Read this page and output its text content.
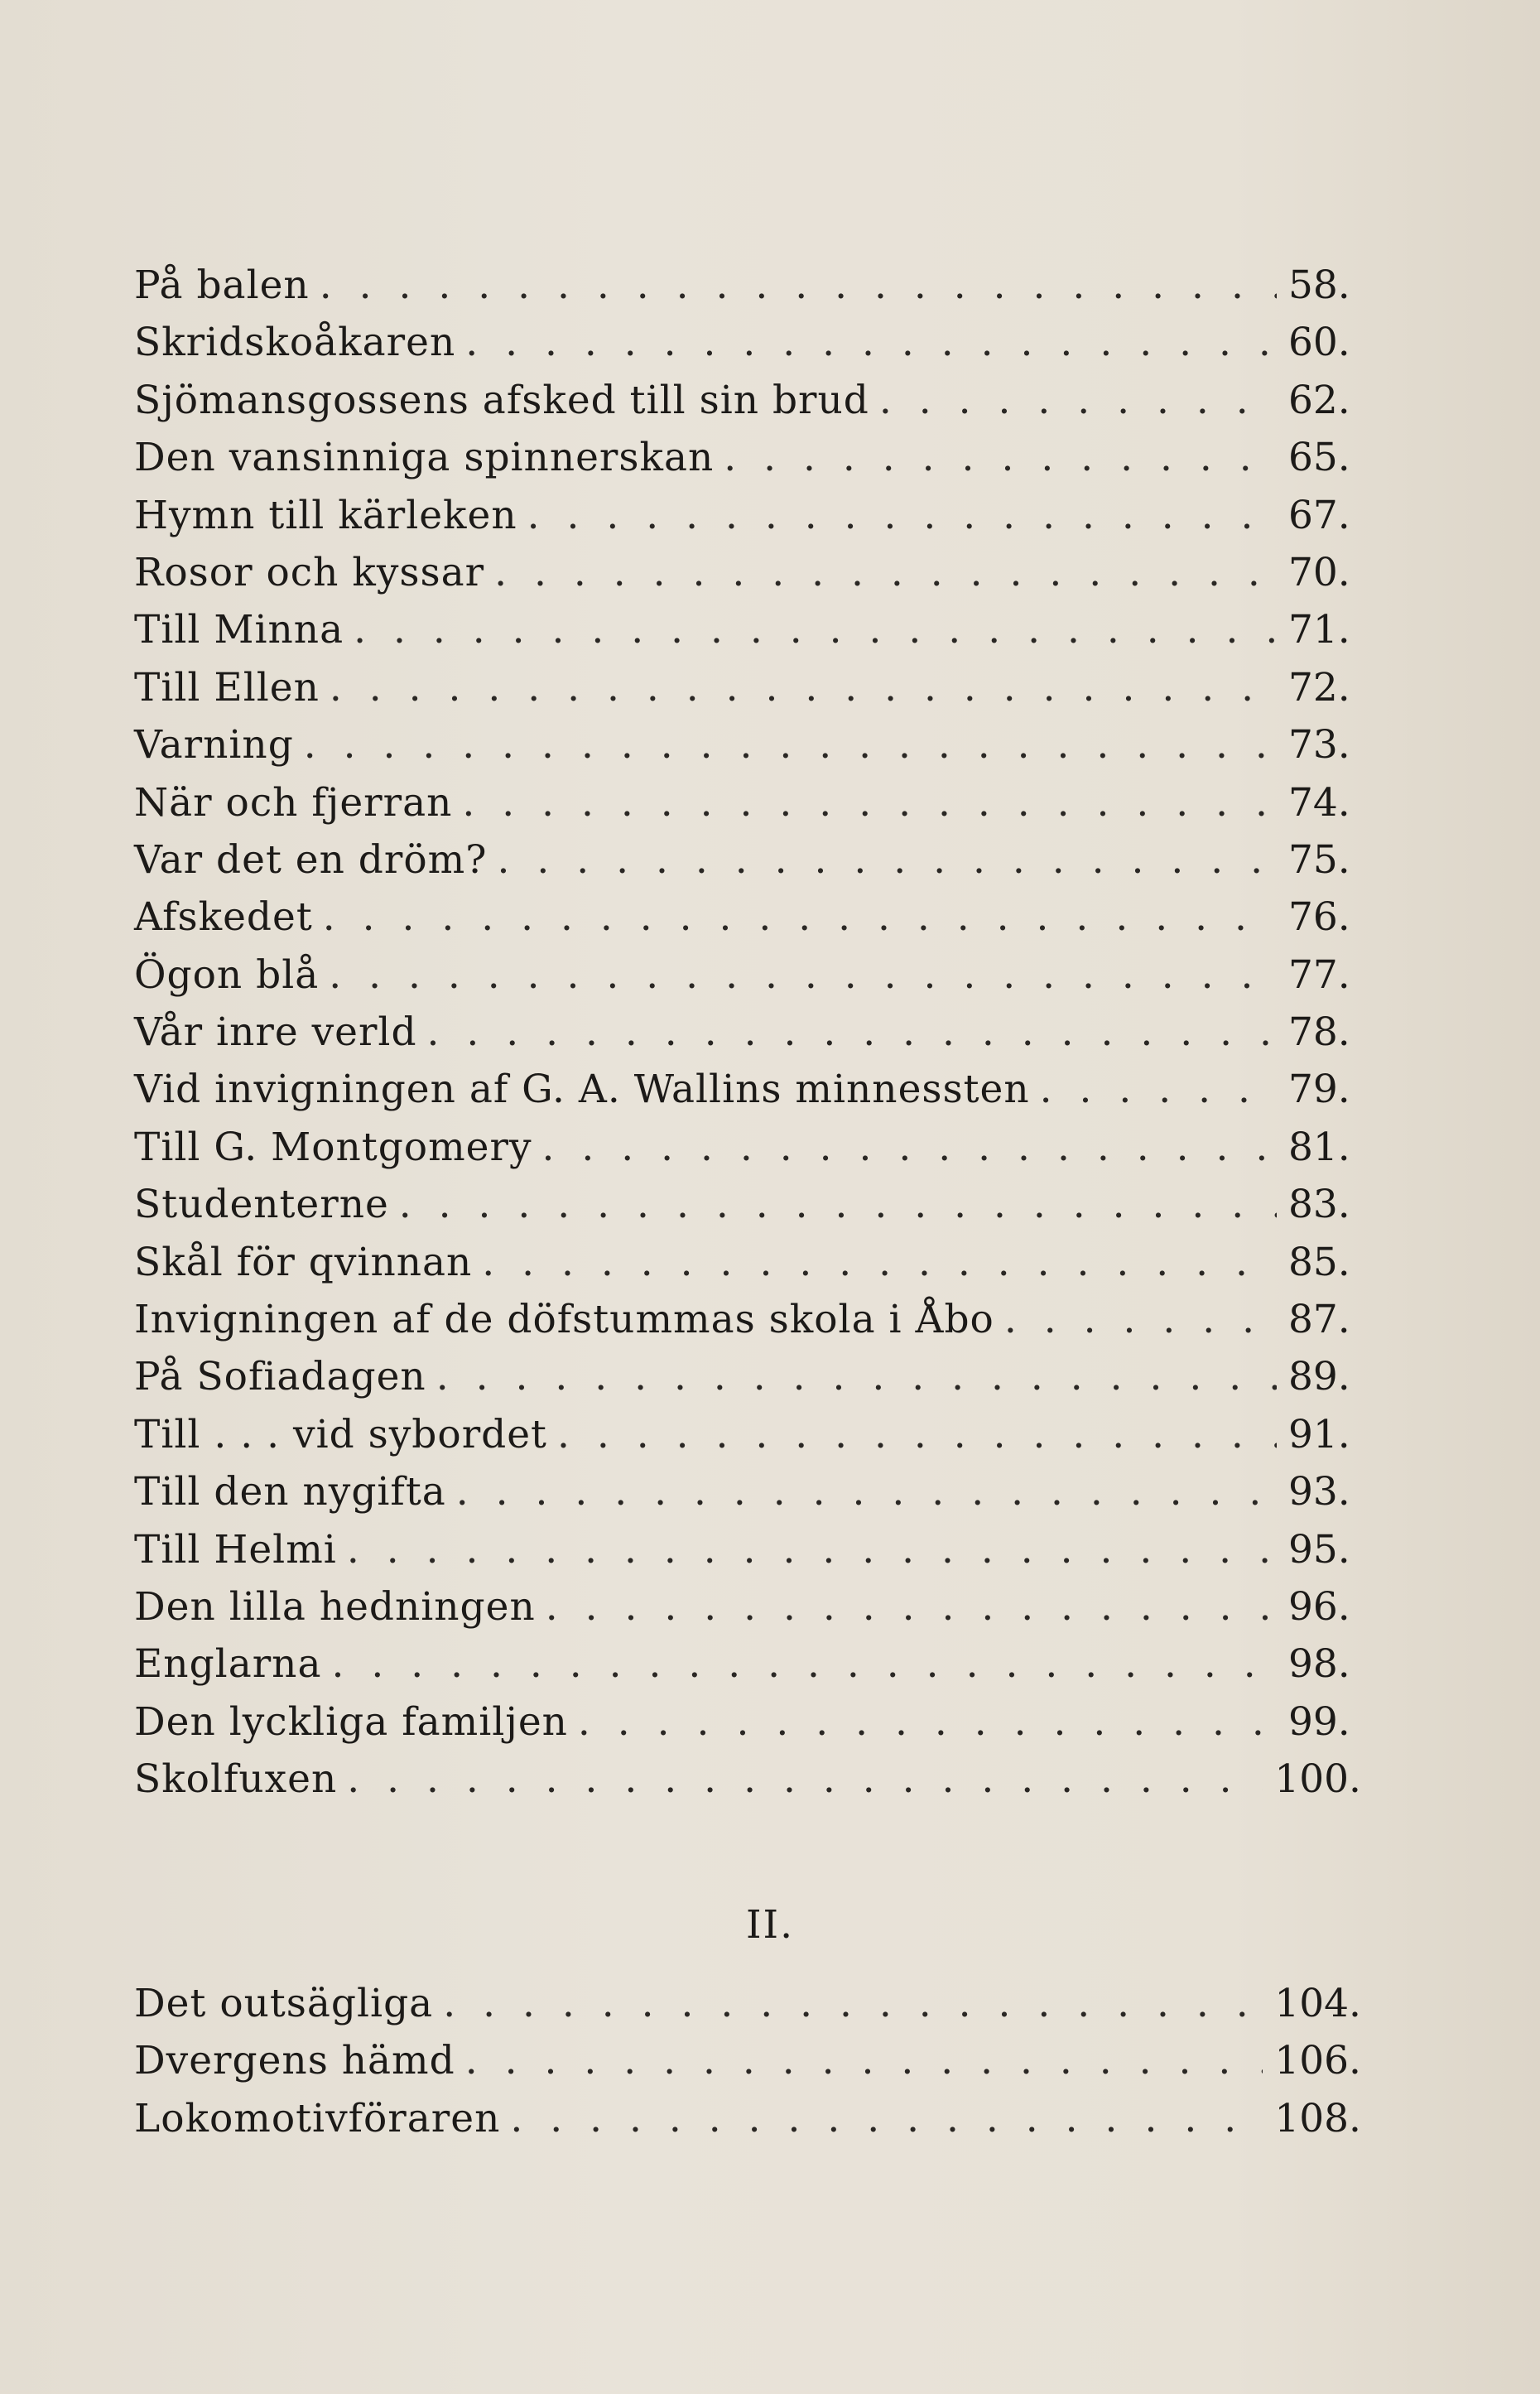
På balen . . .	58.
Skridskoåkaren . . .	60.
Sjömansgossens afsked till sin brud . . .	62.
Den vansinniga spinnerskan . . .	65.
Hymn till kärleken . . .	67.
Rosor och kyssar . . .	70.
Till Minna . . .	71.
Till Ellen . . .	72.
Varning . . .	73.
När och fjerran . . .	74.
Var det en dröm? . . .	75.
Afskedet . . .	76.
Ögon blå . . .	77.
Vår inre verld . . .	78.
Vid invigningen af G. A. Wallins minnessten . . .	79.
Till G. Montgomery . . .	81.
Studenterne . . .	83.
Skål för qvinnan . . .	85.
Invigningen af de döfstummas skola i Åbo . . .	87.
På Sofiadagen . . .	89.
Till . . . vid sybordet . . .	91.
Till den nygifta . . .	93.
Till Helmi . . .	95.
Den lilla hedningen . . .	96.
Englarna . . .	98.
Den lyckliga familjen . . .	99.
Skolfuxen . . .	100.
II.
Det outsägliga . . .	104.
Dvergens hämd . . .	106.
Lokomotivföraren . . .	108.
